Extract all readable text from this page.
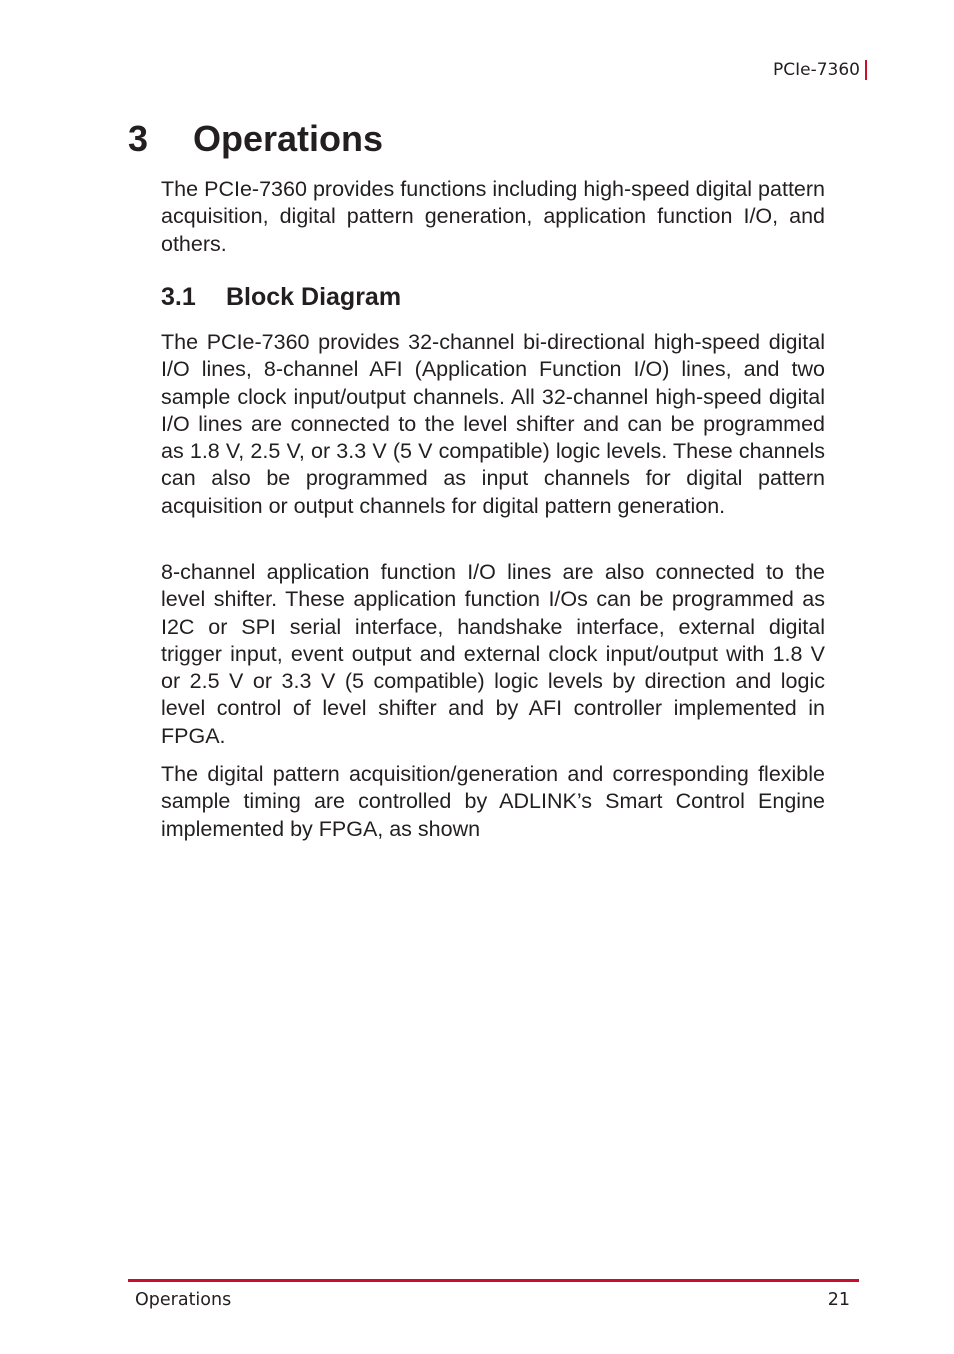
PCIe-7360
3 Operations

The PCIe-7360 provides functions including high-speed digital pattern acquisition, digital pattern generation, application function I/O, and others.

3.1 Block Diagram

The PCIe-7360 provides 32-channel bi-directional high-speed digital I/O lines, 8-channel AFI (Application Function I/O) lines, and two sample clock input/output channels. All 32-channel high-speed digital I/O lines are connected to the level shifter and can be programmed as 1.8 V, 2.5 V, or 3.3 V (5 V compatible) logic levels. These channels can also be programmed as input channels for digital pattern acquisition or output channels for digital pattern generation.

8-channel application function I/O lines are also connected to the level shifter. These application function I/Os can be programmed as I2C or SPI serial interface, handshake interface, external digital trigger input, event output and external clock input/output with 1.8 V or 2.5 V or 3.3 V (5 compatible) logic levels by direction and logic level control of level shifter and by AFI controller implemented in FPGA.

The digital pattern acquisition/generation and corresponding flexible sample timing are controlled by ADLINK’s Smart Control Engine implemented by FPGA, as shown

Operations	21
